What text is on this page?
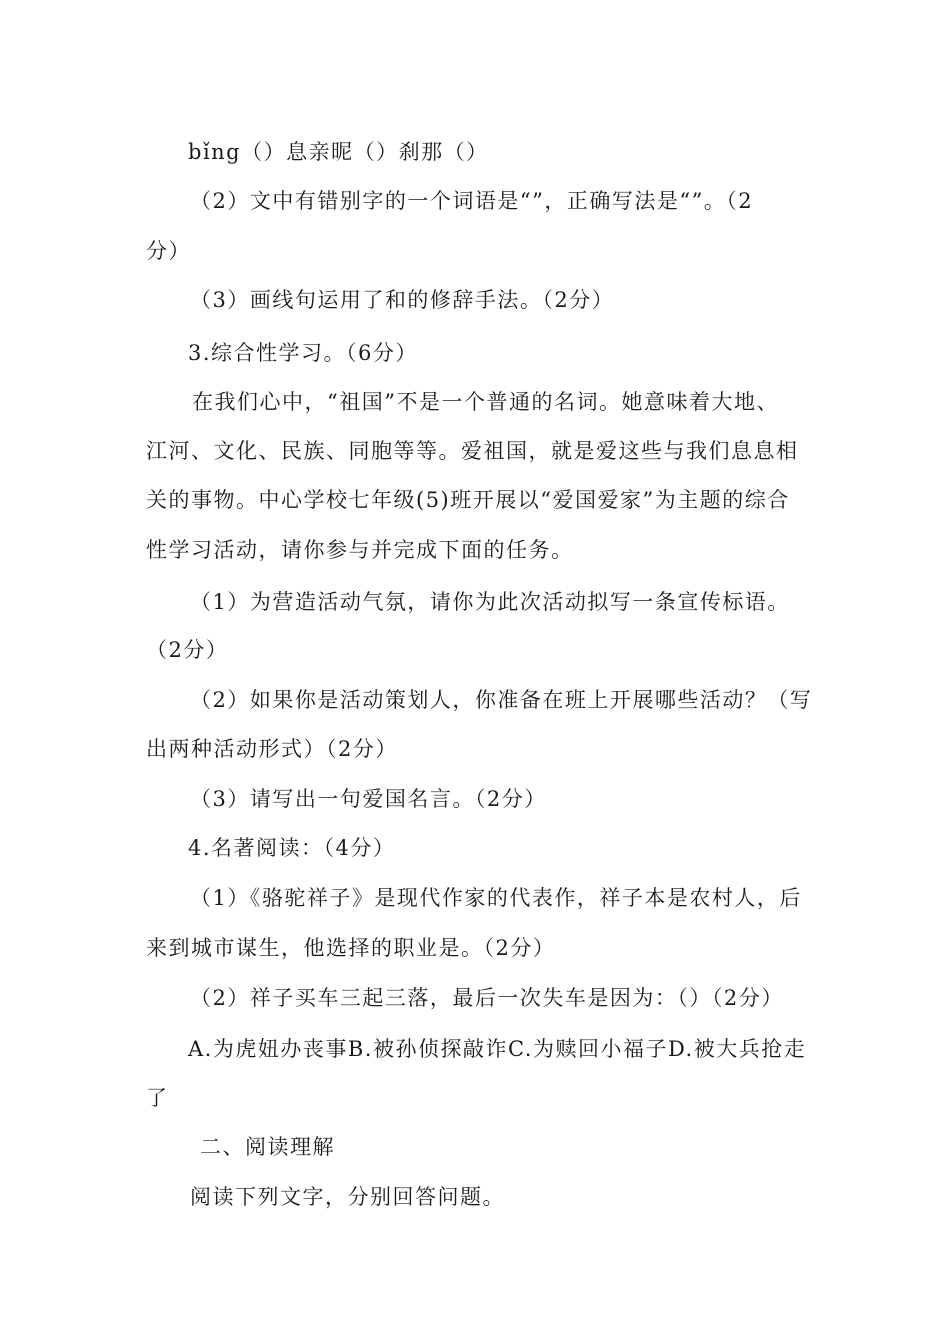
bǐng（）息亲昵（）刹那（）
（2）文中有错别字的一个词语是“”，正确写法是“”。（2
分）
（3）画线句运用了和的修辞手法。（2分）
3.综合性学习。（6分）
在我们心中，“祖国”不是一个普通的名词。她意味着大地、
江河、文化、民族、同胞等等。爱祖国，就是爱这些与我们息息相
关的事物。中心学校七年级(5)班开展以“爱国爱家”为主题的综合
性学习活动，请你参与并完成下面的任务。
（1）为营造活动气氛，请你为此次活动拟写一条宣传标语。
（2分）
（2）如果你是活动策划人，你准备在班上开展哪些活动？（写
出两种活动形式）（2分）
（3）请写出一句爱国名言。（2分）
4.名著阅读：（4分）
（1）《骆驼祥子》是现代作家的代表作，祥子本是农村人，后
来到城市谋生，他选择的职业是。（2分）
（2）祥子买车三起三落，最后一次失车是因为：（）（2分）
A.为虎妞办丧事B.被孙侦探敲诈C.为赎回小福子D.被大兵抢走
了
二、阅读理解
阅读下列文字，分别回答问题。
